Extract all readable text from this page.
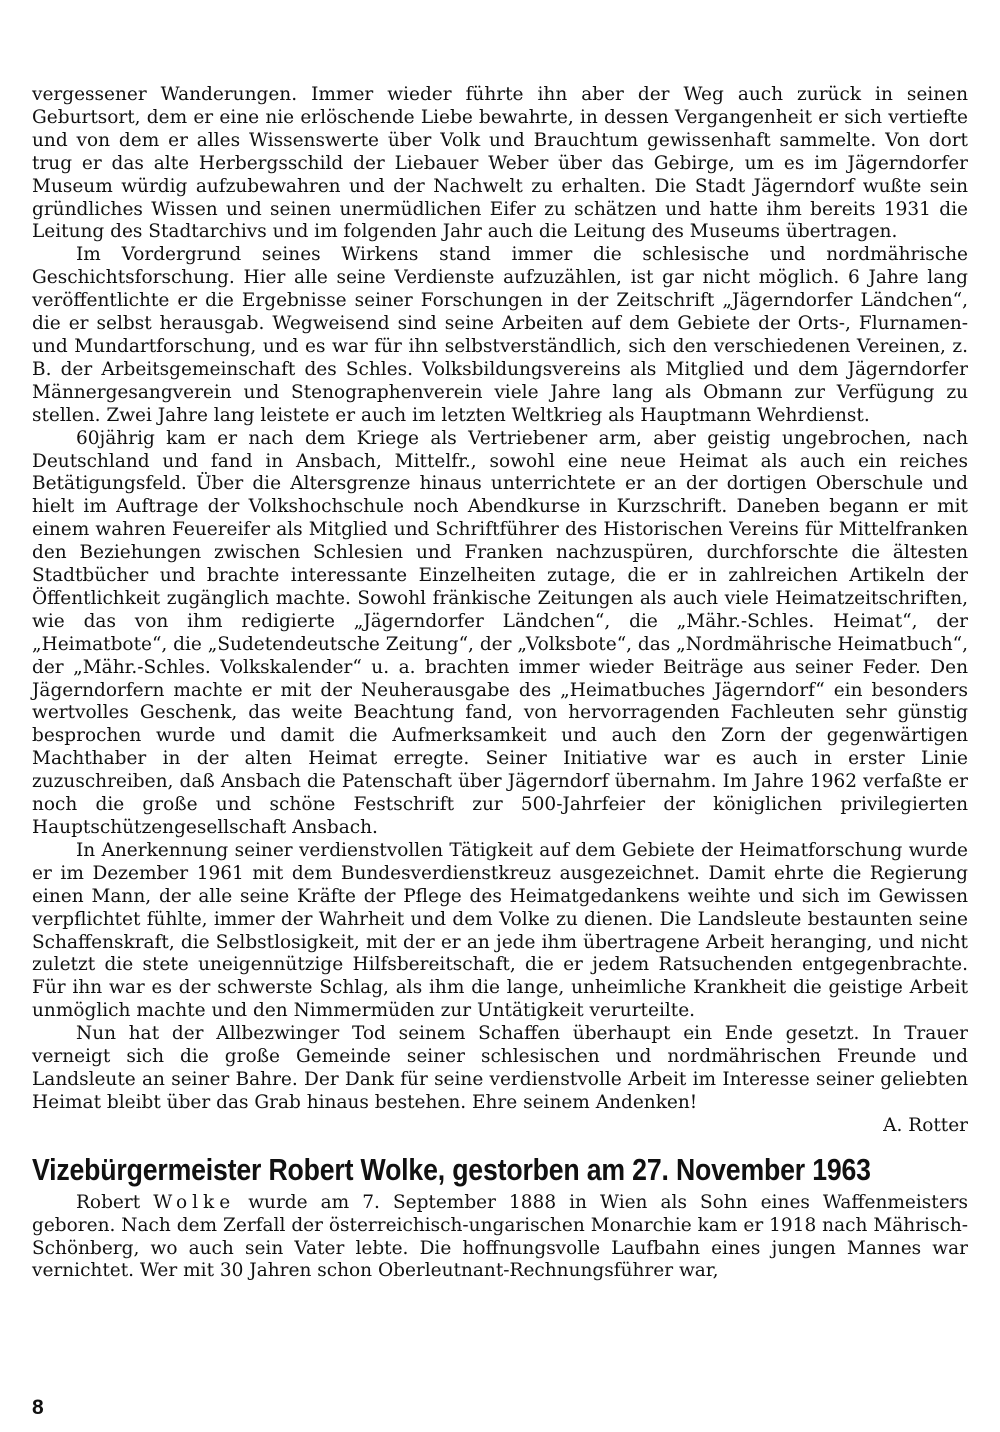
vergessener Wanderungen. Immer wieder führte ihn aber der Weg auch zurück in seinen Geburtsort, dem er eine nie erlöschende Liebe bewahrte, in dessen Vergangenheit er sich vertiefte und von dem er alles Wissenswerte über Volk und Brauchtum gewissenhaft sammelte. Von dort trug er das alte Herbergsschild der Liebauer Weber über das Gebirge, um es im Jägerndorfer Museum würdig aufzubewahren und der Nachwelt zu erhalten. Die Stadt Jägerndorf wußte sein gründliches Wissen und seinen unermüdlichen Eifer zu schätzen und hatte ihm bereits 1931 die Leitung des Stadtarchivs und im folgenden Jahr auch die Leitung des Museums übertragen.

Im Vordergrund seines Wirkens stand immer die schlesische und nordmährische Geschichtsforschung. Hier alle seine Verdienste aufzuzählen, ist gar nicht möglich. 6 Jahre lang veröffentlichte er die Ergebnisse seiner Forschungen in der Zeitschrift „Jägerndorfer Ländchen“, die er selbst herausgab. Wegweisend sind seine Arbeiten auf dem Gebiete der Orts-, Flurnamen- und Mundartforschung, und es war für ihn selbstverständlich, sich den verschiedenen Vereinen, z. B. der Arbeitsgemeinschaft des Schles. Volksbildungsvereins als Mitglied und dem Jägerndorfer Männergesangverein und Stenographenverein viele Jahre lang als Obmann zur Verfügung zu stellen. Zwei Jahre lang leistete er auch im letzten Weltkrieg als Hauptmann Wehrdienst.

60jährig kam er nach dem Kriege als Vertriebener arm, aber geistig ungebrochen, nach Deutschland und fand in Ansbach, Mittelfr., sowohl eine neue Heimat als auch ein reiches Betätigungsfeld. Über die Altersgrenze hinaus unterrichtete er an der dortigen Oberschule und hielt im Auftrage der Volkshochschule noch Abendkurse in Kurzschrift. Daneben begann er mit einem wahren Feuereifer als Mitglied und Schriftführer des Historischen Vereins für Mittelfranken den Beziehungen zwischen Schlesien und Franken nachzuspüren, durchforschte die ältesten Stadtbücher und brachte interessante Einzelheiten zutage, die er in zahlreichen Artikeln der Öffentlichkeit zugänglich machte. Sowohl fränkische Zeitungen als auch viele Heimatzeitschriften, wie das von ihm redigierte „Jägerndorfer Ländchen“, die „Mähr.-Schles. Heimat“, der „Heimatbote“, die „Sudetendeutsche Zeitung“, der „Volksbote“, das „Nordmährische Heimatbuch“, der „Mähr.-Schles. Volkskalender“ u. a. brachten immer wieder Beiträge aus seiner Feder. Den Jägerndorfern machte er mit der Neuherausgabe des „Heimatbuches Jägerndorf“ ein besonders wertvolles Geschenk, das weite Beachtung fand, von hervorragenden Fachleuten sehr günstig besprochen wurde und damit die Aufmerksamkeit und auch den Zorn der gegenwärtigen Machthaber in der alten Heimat erregte. Seiner Initiative war es auch in erster Linie zuzuschreiben, daß Ansbach die Patenschaft über Jägerndorf übernahm. Im Jahre 1962 verfaßte er noch die große und schöne Festschrift zur 500-Jahrfeier der königlichen privilegierten Hauptschützengesellschaft Ansbach.

In Anerkennung seiner verdienstvollen Tätigkeit auf dem Gebiete der Heimatforschung wurde er im Dezember 1961 mit dem Bundesverdienstkreuz ausgezeichnet. Damit ehrte die Regierung einen Mann, der alle seine Kräfte der Pflege des Heimatgedankens weihte und sich im Gewissen verpflichtet fühlte, immer der Wahrheit und dem Volke zu dienen. Die Landsleute bestaunten seine Schaffenskraft, die Selbstlosigkeit, mit der er an jede ihm übertragene Arbeit heranging, und nicht zuletzt die stete uneigennützige Hilfsbereitschaft, die er jedem Ratsuchenden entgegenbrachte. Für ihn war es der schwerste Schlag, als ihm die lange, unheimliche Krankheit die geistige Arbeit unmöglich machte und den Nimmermüden zur Untätigkeit verurteilte.

Nun hat der Allbezwinger Tod seinem Schaffen überhaupt ein Ende gesetzt. In Trauer verneigt sich die große Gemeinde seiner schlesischen und nordmährischen Freunde und Landsleute an seiner Bahre. Der Dank für seine verdienstvolle Arbeit im Interesse seiner geliebten Heimat bleibt über das Grab hinaus bestehen. Ehre seinem Andenken!

A. Rotter

Vizebürgermeister Robert Wolke, gestorben am 27. November 1963

Robert Wolke wurde am 7. September 1888 in Wien als Sohn eines Waffenmeisters geboren. Nach dem Zerfall der österreichisch-ungarischen Monarchie kam er 1918 nach Mährisch-Schönberg, wo auch sein Vater lebte. Die hoffnungsvolle Laufbahn eines jungen Mannes war vernichtet. Wer mit 30 Jahren schon Oberleutnant-Rechnungsführer war,

8
